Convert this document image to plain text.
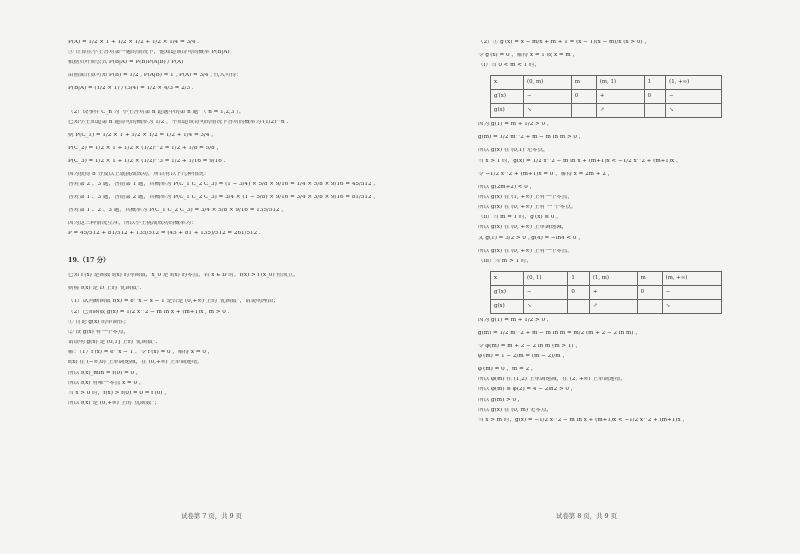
P(A) = 1/2 × 1 + 1/2 × 1/2 + 1/2 × 1/4 = 3/4 .
③ 计算在小王答对第一题的情况下，他知道该诗句的概率 P(B|A)
根据贝叶斯公式 P(B|A) = P(B)P(A|B) / P(A)
由前面计算可知 P(B) = 1/2 , P(A|B) = 1 , P(A) = 3/4 , 代入可得：
P(B|A) = (1/2 × 1) / (3/4) = 1/2 × 4/3 = 2/3 .
（2）设事件 C_n 为“小王答对第 n 道题中的第 n 题”（ n = 1,2,3 ），
已知小王知道第 n 题诗句的概率为 1/2 ，不知道该诗句的情况下答对的概率为 (1/2)^n .
则 P(C_1) = 1/2 × 1 + 1/2 × 1/2 = 1/2 + 1/4 = 3/4 ，
P(C_2) = 1/2 × 1 + 1/2 × (1/2)^2 = 1/2 + 1/8 = 5/8 ，
P(C_3) = 1/2 × 1 + 1/2 × (1/2)^3 = 1/2 + 1/16 = 9/16 .
因为获得 8 分及以上就挑战成功，所以有以下几种情况：
答对第 2 、3 题，答错第 1 题，其概率为 P(C̄_1 C_2 C_3) = (1 − 3/4) × 5/8 × 9/16 = 1/4 × 5/8 × 9/16 = 45/512 ，
答对第 1 、3 题，答错第 2 题，其概率为 P(C_1 C̄_2 C_3) = 3/4 × (1 − 5/8) × 9/16 = 3/4 × 3/8 × 9/16 = 81/512 ，
答对第 1 、2 、3 题，其概率为 P(C_1 C_2 C_3) = 3/4 × 5/8 × 9/16 = 135/512 ，
因为这三种情况互斥，所以小王挑战成功的概率为：
P = 45/512 + 81/512 + 135/512 = (45 + 81 + 135)/512 = 261/512 .
19.（17 分）
已知 f′(x) 是函数 f(x) 的导函数，x_0 是 f(x) 的零点，若 x ∈ D 时，f(x) > f′(x_0) 恒成立，
则称 f(x) 是 D 上的“优函数”.
（1）试判断函数 f(x) = e^x − x − 1 是否是 (0,+∞) 上的“优函数”，请说明理由；
（2）已知函数 g(x) = 1/2 x^2 − m ln x + (m+1)x , m > 0 .
① 讨论 g(x) 的单调性；
② 设 g(x) 有一个零点，
请证明 g(x) 是 (0,1] 上的“优函数”.
解：（1）f′(x) = e^x − 1 ，令 f′(x) = 0 ，解得 x = 0 ，
f(x) 在 (−∞,0) 上单调递减，在 (0,+∞) 上单调递增，
所以 f(x)_min = f(0) = 0 ，
所以 f(x) 有唯一零点 x = 0 ，
当 x > 0 时，f(x) > f(0) = 0 = f′(0) ，
所以 f(x) 是 (0,+∞) 上的“优函数”；
（2）① g′(x) = x − m/x + m + 1 = (x − 1)(x − m)/x (x > 0) ，
令 g′(x) = 0 ，解得 x = 1 或 x = m ，
（i）当 0 < m < 1 时，
x	(0, m)	m	(m, 1)	1	(1, +∞)
g′(x)	−	0	+	0	−
g(x)	↘		↗		↘
因为 g(1) = m + 1/2 > 0 ，
g(m) = 1/2 m^2 + m − m ln m > 0 ，
所以 g(x) 在 (0,1) 无零点，
当 x > 1 时，g(x) = 1/2 x^2 − m ln x + (m+1)x < −1/2 x^2 + (m+1)x ，
令 −1/2 x^2 + (m+1)x = 0 ，解得 x = 2m + 2 ，
所以 g(2m+2) < 0 ，
所以 g(x) 在 (1, +∞) 上有一个零点，
所以 g(x) 在 (0, +∞) 上有 一 个零点。
（ii）当 m = 1 时，g′(x) ≤ 0 ，
所以 g(x) 在 (0, +∞) 上单调递减，
又 g(1) = 3/2 > 0 , g(4) = −ln4 < 0 ，
所以 g(x) 在 (0, +∞) 上有一个零点。
（iii）当 m > 1 时，
x	(0, 1)	1	(1, m)	m	(m, +∞)
g′(x)	−	0	+	0	−
g(x)	↘		↗		↘
因为 g(1) = m + 1/2 > 0 ，
g(m) = 1/2 m^2 + m − m ln m = m/2 (m + 2 − 2 ln m) ，
令 φ(m) = m + 2 − 2 ln m (m > 1) ，
φ′(m) = 1 − 2/m = (m − 2)/m ，
φ′(m) = 0 ，m = 2 ，
所以 φ(m) 在 (1,2) 上单调递减，在 (2, +∞) 上单调递增，
所以 φ(m) ≥ φ(2) = 4 − 2ln2 > 0 ，
所以 g(m) > 0 ，
所以 g(x) 在 (0, m) 无零点，
当 x > m 时，g(x) = −1/2 x^2 − m ln x + (m+1)x < −1/2 x^2 + (m+1)x ，
试卷第 7 页，共 9 页	试卷第 8 页，共 9 页
